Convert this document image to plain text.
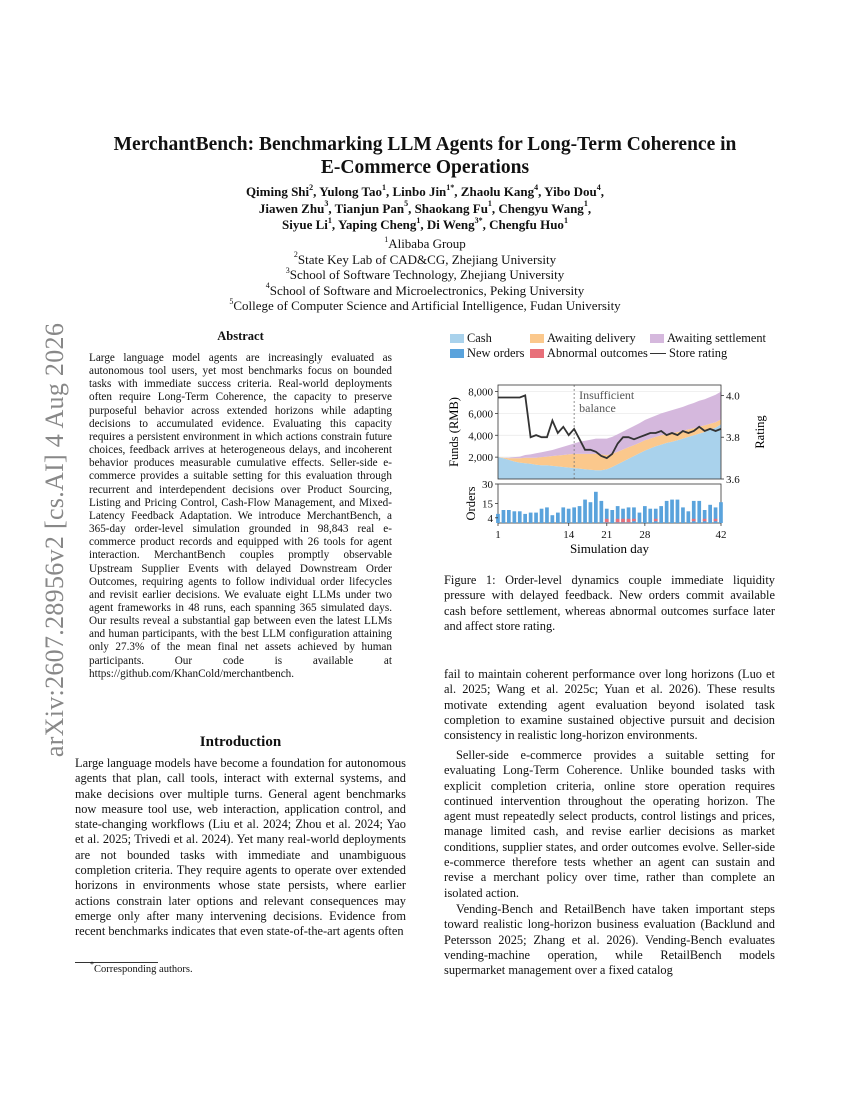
arXiv:2607.28956v2 [cs.AI] 4 Aug 2026
MerchantBench: Benchmarking LLM Agents for Long-Term Coherence in
E-Commerce Operations
Qiming Shi$^2$, Yulong Tao$^1$, Linbo Jin$^{1*}$, Zhaolu Kang$^4$, Yibo Dou$^4$,
Jiawen Zhu$^3$, Tianjun Pan$^5$, Shaokang Fu$^1$, Chengyu Wang$^1$,
Siyue Li$^1$, Yaping Cheng$^1$, Di Weng$^{3*}$, Chengfu Huo$^1$
$^1$Alibaba Group
$^2$State Key Lab of CAD&CG, Zhejiang University
$^3$School of Software Technology, Zhejiang University
$^4$School of Software and Microelectronics, Peking University
$^5$College of Computer Science and Artificial Intelligence, Fudan University
Abstract
Large language model agents are increasingly evaluated as autonomous tool users, yet most benchmarks focus on bounded tasks with immediate success criteria. Real-world deployments often require Long-Term Coherence, the capacity to preserve purposeful behavior across extended horizons while adapting decisions to accumulated evidence. Evaluating this capacity requires a persistent environment in which actions constrain future choices, feedback arrives at heterogeneous delays, and incoherent behavior produces measurable cumulative effects. Seller-side e-commerce provides a suitable setting for this evaluation through recurrent and interdependent decisions over Product Sourcing, Listing and Pricing Control, Cash-Flow Management, and Mixed-Latency Feedback Adaptation. We introduce MerchantBench, a 365-day order-level simulation grounded in 98,843 real e-commerce product records and equipped with 26 tools for agent interaction. MerchantBench couples promptly observable Upstream Supplier Events with delayed Downstream Order Outcomes, requiring agents to follow individual order lifecycles and revisit earlier decisions. We evaluate eight LLMs under two agent frameworks in 48 runs, each spanning 365 simulated days. Our results reveal a substantial gap between even the latest LLMs and human participants, with the best LLM configuration attaining only 27.3% of the mean final net assets achieved by human participants. Our code is available at https://github.com/KhanCold/merchantbench.
Introduction
Large language models have become a foundation for autonomous agents that plan, call tools, interact with external systems, and make decisions over multiple turns. General agent benchmarks now measure tool use, web interaction, application control, and state-changing workflows (Liu et al. 2024; Zhou et al. 2024; Yao et al. 2025; Trivedi et al. 2024). Yet many real-world deployments are not bounded tasks with immediate and unambiguous completion criteria. They require agents to operate over extended horizons in environments whose state persists, where earlier actions constrain later options and relevant consequences may emerge only after many intervening decisions. Evidence from recent benchmarks indicates that even state-of-the-art agents often
*Corresponding authors.
Cash	Awaiting delivery	Awaiting settlement
New orders Abnormal outcomes Store rating
Insufficient
balance
2,000
4,000
6,000
8,000
3.6
3.8
4.0
4
15
30
1	14 21 28	42
Simulation day
Funds (RMB)	Rating
Orders
Figure 1: Order-level dynamics couple immediate liquidity pressure with delayed feedback. New orders commit available cash before settlement, whereas abnormal outcomes surface later and affect store rating.
fail to maintain coherent performance over long horizons (Luo et al. 2025; Wang et al. 2025c; Yuan et al. 2026). These results motivate extending agent evaluation beyond isolated task completion to examine sustained objective pursuit and decision consistency in realistic long-horizon environments.
Seller-side e-commerce provides a suitable setting for evaluating Long-Term Coherence. Unlike bounded tasks with explicit completion criteria, online store operation requires continued intervention throughout the operating horizon. The agent must repeatedly select products, control listings and prices, manage limited cash, and revise earlier decisions as market conditions, supplier states, and order outcomes evolve. Seller-side e-commerce therefore tests whether an agent can sustain and revise a merchant policy over time, rather than complete an isolated action.
Vending-Bench and RetailBench have taken important steps toward realistic long-horizon business evaluation (Backlund and Petersson 2025; Zhang et al. 2026). Vending-Bench evaluates vending-machine operation, while RetailBench models supermarket management over a fixed catalog
